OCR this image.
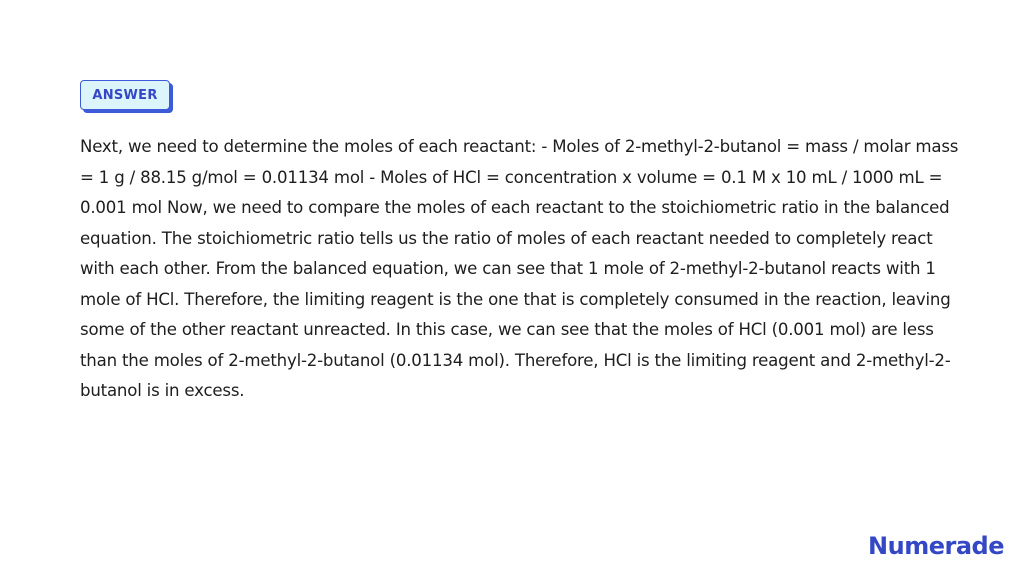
ANSWER

Next, we need to determine the moles of each reactant: - Moles of 2-methyl-2-butanol = mass / molar mass = 1 g / 88.15 g/mol = 0.01134 mol - Moles of HCl = concentration x volume = 0.1 M x 10 mL / 1000 mL = 0.001 mol Now, we need to compare the moles of each reactant to the stoichiometric ratio in the balanced equation. The stoichiometric ratio tells us the ratio of moles of each reactant needed to completely react with each other. From the balanced equation, we can see that 1 mole of 2-methyl-2-butanol reacts with 1 mole of HCl. Therefore, the limiting reagent is the one that is completely consumed in the reaction, leaving some of the other reactant unreacted. In this case, we can see that the moles of HCl (0.001 mol) are less than the moles of 2-methyl-2-butanol (0.01134 mol). Therefore, HCl is the limiting reagent and 2-methyl-2-butanol is in excess.

Numerade
